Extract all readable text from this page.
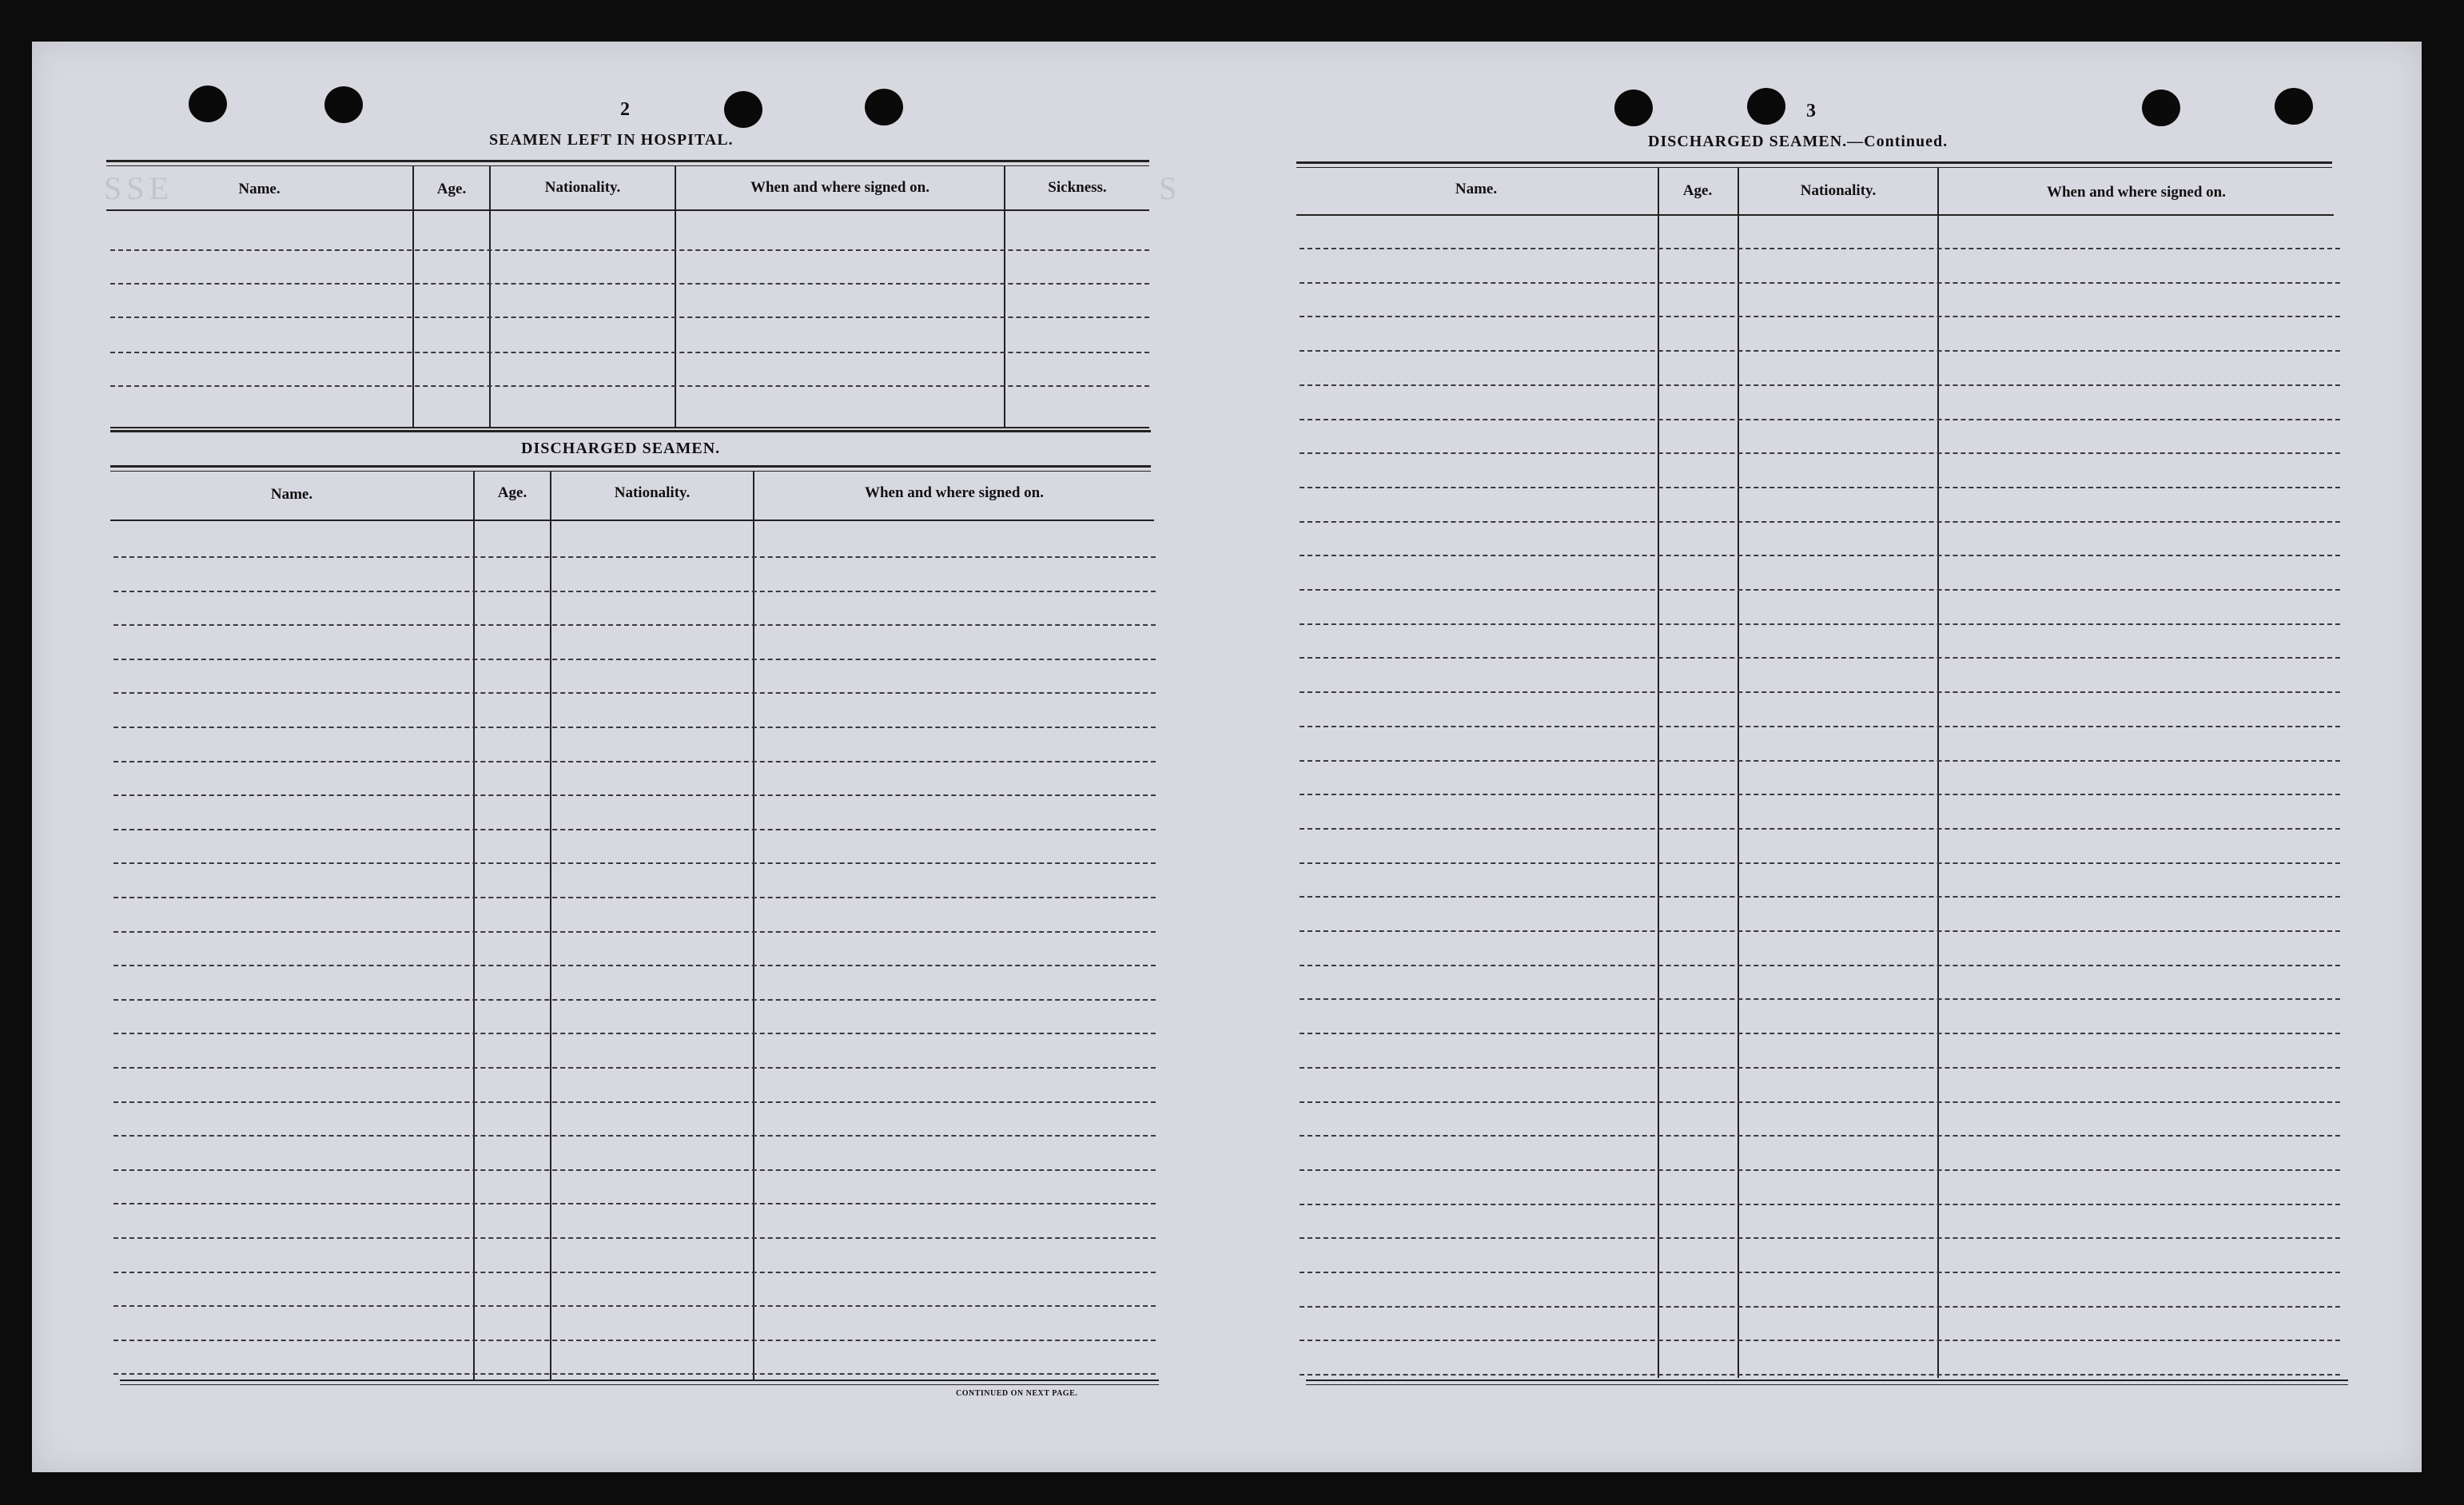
S
SSE
2
SEAMEN LEFT IN HOSPITAL.
Name.	Age.	Nationality.	When and where signed on.	Sickness.
DISCHARGED SEAMEN.
Name.	Age.	Nationality.	When and where signed on.
CONTINUED ON NEXT PAGE.
3
DISCHARGED SEAMEN.—Continued.
Name.	Age.	Nationality.	When and where signed on.
